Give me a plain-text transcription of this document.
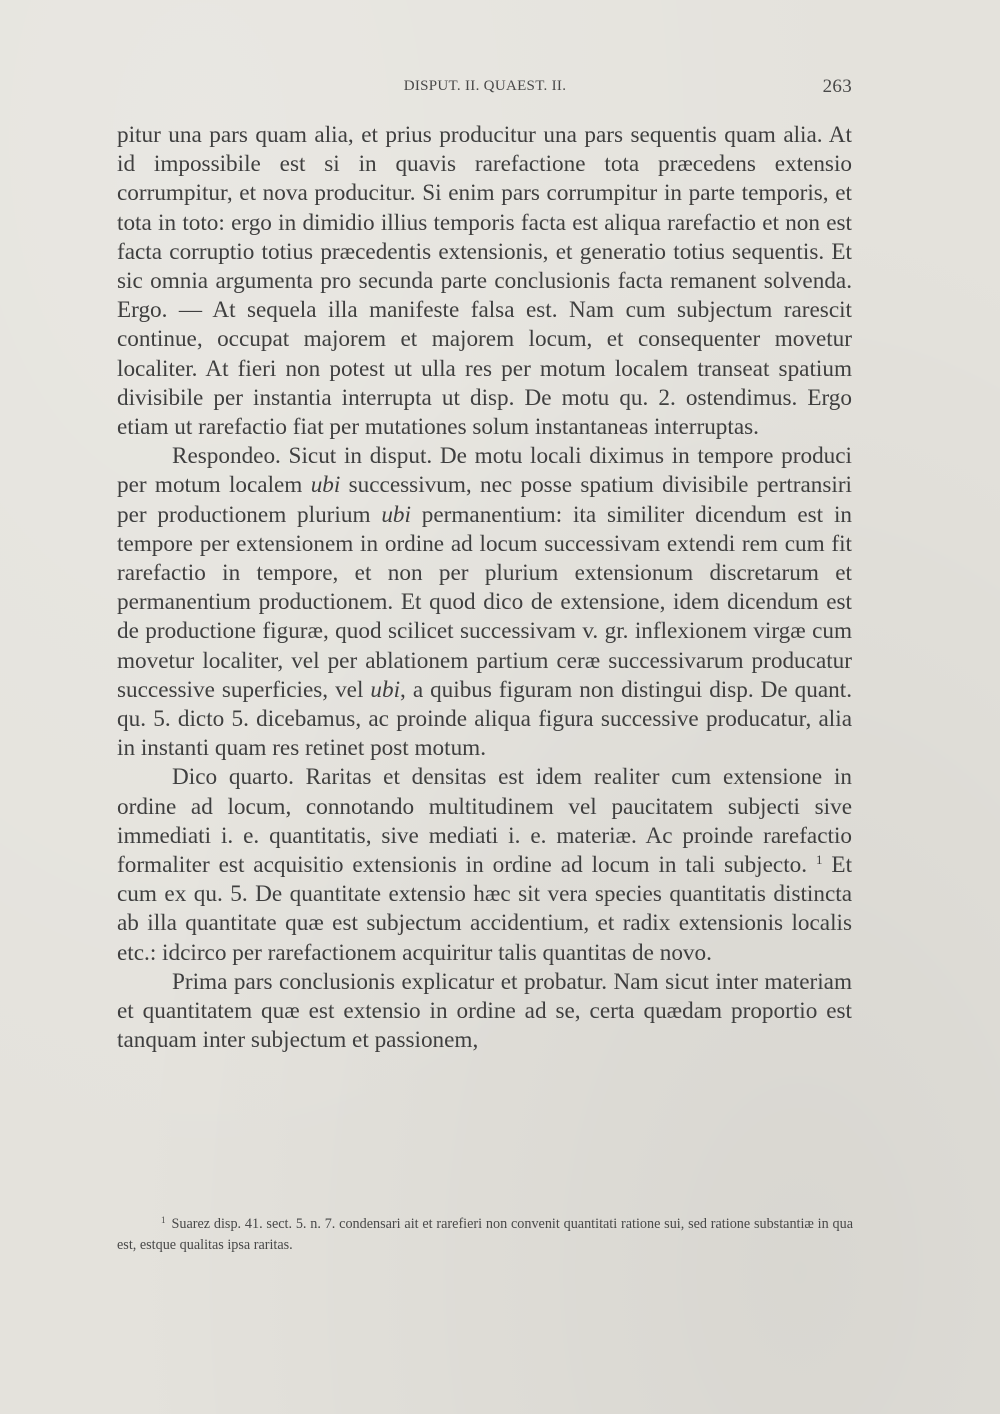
DISPUT. II. QUAEST. II.	263

pitur una pars quam alia, et prius producitur una pars sequentis quam alia. At id impossibile est si in quavis rarefactione tota præcedens extensio corrumpitur, et nova producitur. Si enim pars corrumpitur in parte temporis, et tota in toto: ergo in dimidio illius temporis facta est aliqua rarefactio et non est facta corruptio totius præcedentis extensionis, et generatio totius sequentis. Et sic omnia argumenta pro secunda parte conclusionis facta remanent solvenda. Ergo. — At sequela illa manifeste falsa est. Nam cum subjectum rarescit continue, occupat majorem et majorem locum, et consequenter movetur localiter. At fieri non potest ut ulla res per motum localem transeat spatium divisibile per instantia interrupta ut disp. De motu qu. 2. ostendimus. Ergo etiam ut rarefactio fiat per mutationes solum instantaneas interruptas.

Respondeo. Sicut in disput. De motu locali diximus in tempore produci per motum localem ubi successivum, nec posse spatium divisibile pertransiri per productionem plurium ubi permanentium: ita similiter dicendum est in tempore per extensionem in ordine ad locum successivam extendi rem cum fit rarefactio in tempore, et non per plurium extensionum discretarum et permanentium productionem. Et quod dico de extensione, idem dicendum est de productione figuræ, quod scilicet successivam v. gr. inflexionem virgæ cum movetur localiter, vel per ablationem partium ceræ successivarum producatur successive superficies, vel ubi, a quibus figuram non distingui disp. De quant. qu. 5. dicto 5. dicebamus, ac proinde aliqua figura successive producatur, alia in instanti quam res retinet post motum.

Dico quarto. Raritas et densitas est idem realiter cum extensione in ordine ad locum, connotando multitudinem vel paucitatem subjecti sive immediati i. e. quantitatis, sive mediati i. e. materiæ. Ac proinde rarefactio formaliter est acquisitio extensionis in ordine ad locum in tali subjecto. $^1$ Et cum ex qu. 5. De quantitate extensio hæc sit vera species quantitatis distincta ab illa quantitate quæ est subjectum accidentium, et radix extensionis localis etc.: idcirco per rarefactionem acquiritur talis quantitas de novo.

Prima pars conclusionis explicatur et probatur. Nam sicut inter materiam et quantitatem quæ est extensio in ordine ad se, certa quædam proportio est tanquam inter subjectum et passionem,

$^1$ Suarez disp. 41. sect. 5. n. 7. condensari ait et rarefieri non convenit quantitati ratione sui, sed ratione substantiæ in qua est, estque qualitas ipsa raritas.
